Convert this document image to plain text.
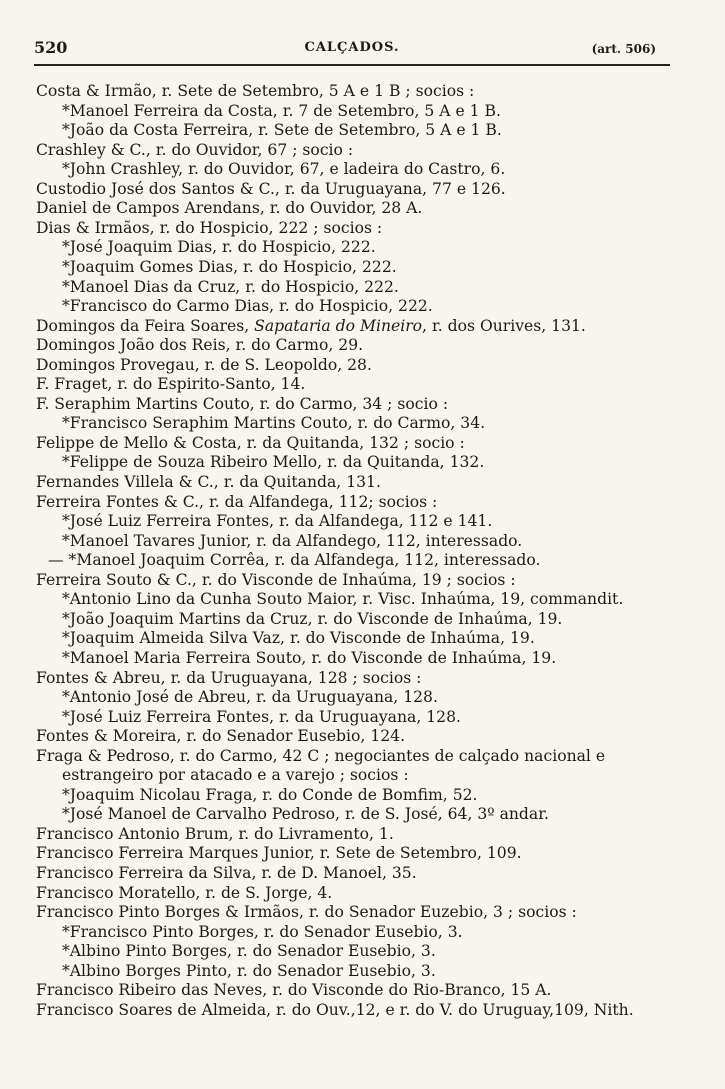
520	CALÇADOS.	(art. 506)
Costa & Irmão, r. Sete de Setembro, 5 A e 1 B ; socios :
*Manoel Ferreira da Costa, r. 7 de Setembro, 5 A e 1 B.
*João da Costa Ferreira, r. Sete de Setembro, 5 A e 1 B.
Crashley & C., r. do Ouvidor, 67 ; socio :
*John Crashley, r. do Ouvidor, 67, e ladeira do Castro, 6.
Custodio José dos Santos & C., r. da Uruguayana, 77 e 126.
Daniel de Campos Arendans, r. do Ouvidor, 28 A.
Dias & Irmãos, r. do Hospicio, 222 ; socios :
*José Joaquim Dias, r. do Hospicio, 222.
*Joaquim Gomes Dias, r. do Hospicio, 222.
*Manoel Dias da Cruz, r. do Hospicio, 222.
*Francisco do Carmo Dias, r. do Hospicio, 222.
Domingos da Feira Soares, Sapataria do Mineiro, r. dos Ourives, 131.
Domingos João dos Reis, r. do Carmo, 29.
Domingos Provegau, r. de S. Leopoldo, 28.
F. Fraget, r. do Espirito-Santo, 14.
F. Seraphim Martins Couto, r. do Carmo, 34 ; socio :
*Francisco Seraphim Martins Couto, r. do Carmo, 34.
Felippe de Mello & Costa, r. da Quitanda, 132 ; socio :
*Felippe de Souza Ribeiro Mello, r. da Quitanda, 132.
Fernandes Villela & C., r. da Quitanda, 131.
Ferreira Fontes & C., r. da Alfandega, 112; socios :
*José Luiz Ferreira Fontes, r. da Alfandega, 112 e 141.
*Manoel Tavares Junior, r. da Alfandego, 112, interessado.
— *Manoel Joaquim Corrêa, r. da Alfandega, 112, interessado.
Ferreira Souto & C., r. do Visconde de Inhaúma, 19 ; socios :
*Antonio Lino da Cunha Souto Maior, r. Visc. Inhaúma, 19, commandit.
*João Joaquim Martins da Cruz, r. do Visconde de Inhaúma, 19.
*Joaquim Almeida Silva Vaz, r. do Visconde de Inhaúma, 19.
*Manoel Maria Ferreira Souto, r. do Visconde de Inhaúma, 19.
Fontes & Abreu, r. da Uruguayana, 128 ; socios :
*Antonio José de Abreu, r. da Uruguayana, 128.
*José Luiz Ferreira Fontes, r. da Uruguayana, 128.
Fontes & Moreira, r. do Senador Eusebio, 124.
Fraga & Pedroso, r. do Carmo, 42 C ; negociantes de calçado nacional e
estrangeiro por atacado e a varejo ; socios :
*Joaquim Nicolau Fraga, r. do Conde de Bomfim, 52.
*José Manoel de Carvalho Pedroso, r. de S. José, 64, 3º andar.
Francisco Antonio Brum, r. do Livramento, 1.
Francisco Ferreira Marques Junior, r. Sete de Setembro, 109.
Francisco Ferreira da Silva, r. de D. Manoel, 35.
Francisco Moratello, r. de S. Jorge, 4.
Francisco Pinto Borges & Irmãos, r. do Senador Euzebio, 3 ; socios :
*Francisco Pinto Borges, r. do Senador Eusebio, 3.
*Albino Pinto Borges, r. do Senador Eusebio, 3.
*Albino Borges Pinto, r. do Senador Eusebio, 3.
Francisco Ribeiro das Neves, r. do Visconde do Rio-Branco, 15 A.
Francisco Soares de Almeida, r. do Ouv.,12, e r. do V. do Uruguay,109, Nith.
